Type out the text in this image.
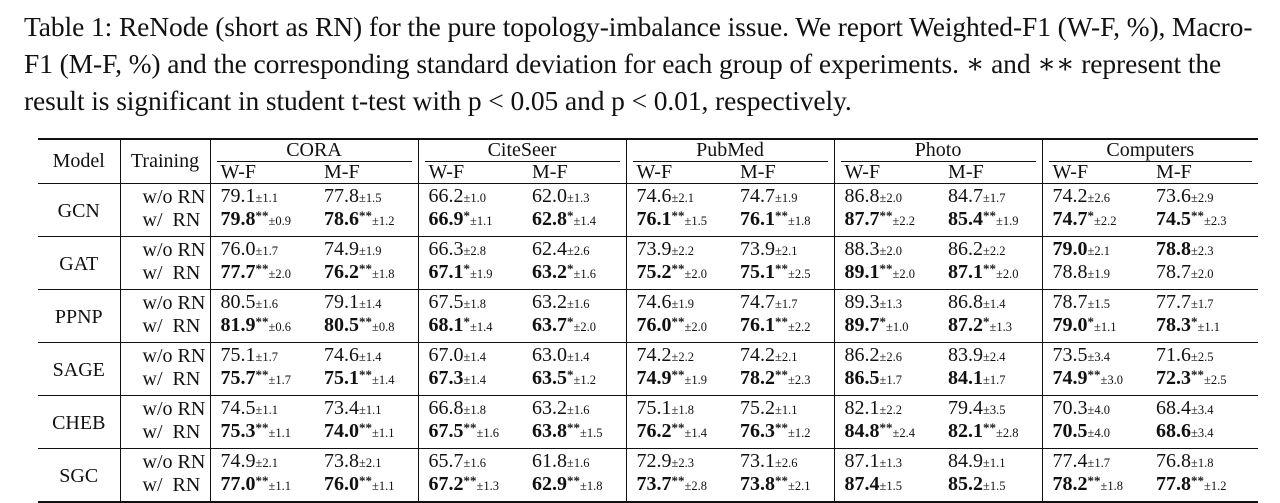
Table 1: ReNode (short as RN) for the pure topology-imbalance issue. We report Weighted-F1 (W-F, %), Macro-F1 (M-F, %) and the corresponding standard deviation for each group of experiments. ∗ and ∗∗ represent the result is significant in student t-test with p < 0.05 and p < 0.01, respectively.
Model	Training	CORA		CiteSeer		PubMed		Photo		Computers	

		W-F	M-F	W-F	M-F	W-F	M-F	W-F	M-F	W-F	M-F
GCN	w/o RN	79.1±1.1	77.8±1.5	66.2±1.0	62.0±1.3	74.6±2.1	74.7±1.9	86.8±2.0	84.7±1.7	74.2±2.6	73.6±2.9
	w/  RN	79.8**±0.9	78.6**±1.2	66.9*±1.1	62.8*±1.4	76.1**±1.5	76.1**±1.8	87.7**±2.2	85.4**±1.9	74.7*±2.2	74.5**±2.3
GAT	w/o RN	76.0±1.7	74.9±1.9	66.3±2.8	62.4±2.6	73.9±2.2	73.9±2.1	88.3±2.0	86.2±2.2	79.0±2.1	78.8±2.3
	w/  RN	77.7**±2.0	76.2**±1.8	67.1*±1.9	63.2*±1.6	75.2**±2.0	75.1**±2.5	89.1**±2.0	87.1**±2.0	78.8±1.9	78.7±2.0
PPNP	w/o RN	80.5±1.6	79.1±1.4	67.5±1.8	63.2±1.6	74.6±1.9	74.7±1.7	89.3±1.3	86.8±1.4	78.7±1.5	77.7±1.7
	w/  RN	81.9**±0.6	80.5**±0.8	68.1*±1.4	63.7*±2.0	76.0**±2.0	76.1**±2.2	89.7*±1.0	87.2*±1.3	79.0*±1.1	78.3*±1.1
SAGE	w/o RN	75.1±1.7	74.6±1.4	67.0±1.4	63.0±1.4	74.2±2.2	74.2±2.1	86.2±2.6	83.9±2.4	73.5±3.4	71.6±2.5
	w/  RN	75.7**±1.7	75.1**±1.4	67.3±1.4	63.5*±1.2	74.9**±1.9	78.2**±2.3	86.5±1.7	84.1±1.7	74.9**±3.0	72.3**±2.5
CHEB	w/o RN	74.5±1.1	73.4±1.1	66.8±1.8	63.2±1.6	75.1±1.8	75.2±1.1	82.1±2.2	79.4±3.5	70.3±4.0	68.4±3.4
	w/  RN	75.3**±1.1	74.0**±1.1	67.5**±1.6	63.8**±1.5	76.2**±1.4	76.3**±1.2	84.8**±2.4	82.1**±2.8	70.5±4.0	68.6±3.4
SGC	w/o RN	74.9±2.1	73.8±2.1	65.7±1.6	61.8±1.6	72.9±2.3	73.1±2.6	87.1±1.3	84.9±1.1	77.4±1.7	76.8±1.8
	w/  RN	77.0**±1.1	76.0**±1.1	67.2**±1.3	62.9**±1.8	73.7**±2.8	73.8**±2.1	87.4±1.5	85.2±1.5	78.2**±1.8	77.8**±1.2
